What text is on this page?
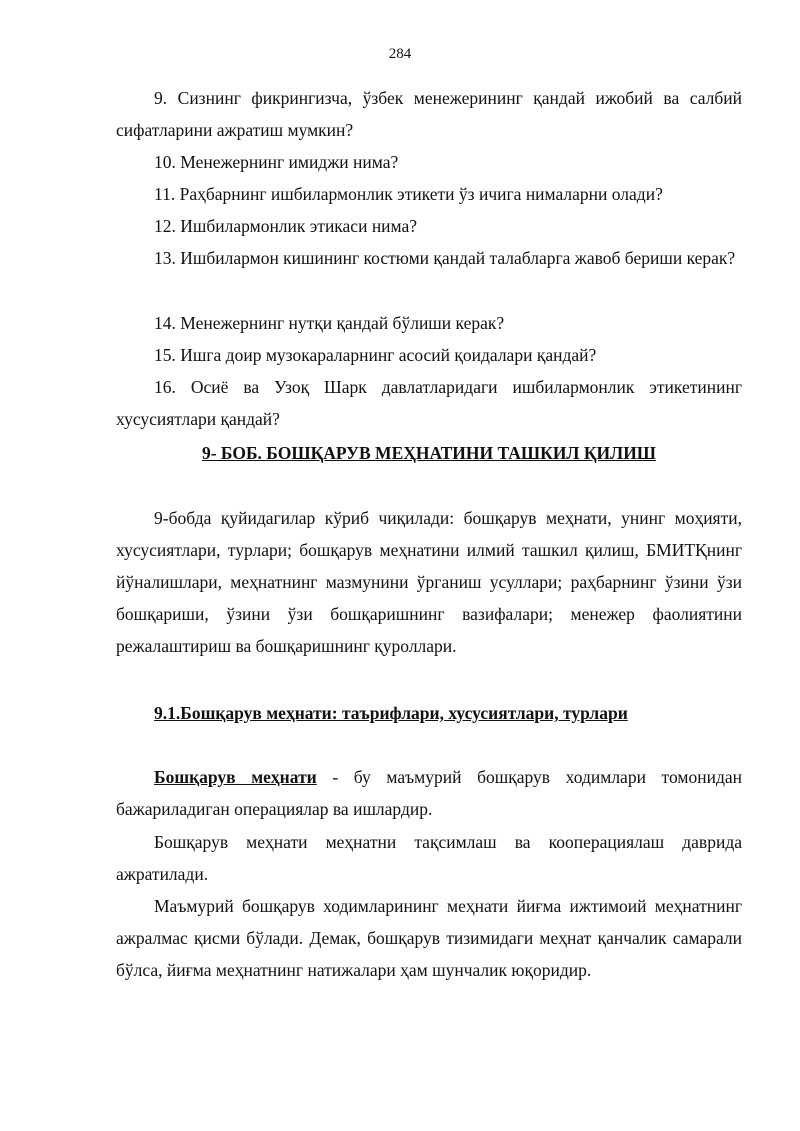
284
9. Сизнинг фикрингизча, ўзбек менежерининг қандай ижобий ва салбий сифатларини ажратиш мумкин?
10. Менежернинг имиджи нима?
11. Раҳбарнинг ишбилармонлик этикети ўз ичига нималарни олади?
12. Ишбилармонлик этикаси нима?
13. Ишбилармон кишининг костюми қандай талабларга жавоб бериши керак?
14. Менежернинг нутқи қандай бўлиши керак?
15. Ишга доир музокараларнинг асосий қоидалари қандай?
16. Осиё ва Узоқ Шарк давлатларидаги ишбилармонлик этикетининг хусусиятлари қандай?
9- БОБ. БОШҚАРУВ МЕҲНАТИНИ ТАШКИЛ ҚИЛИШ
9-бобда қуйидагилар кўриб чиқилади: бошқарув меҳнати, унинг моҳияти, хусусиятлари, турлари; бошқарув меҳнатини илмий ташкил қилиш, БМИТҚнинг йўналишлари, меҳнатнинг мазмунини ўрганиш усуллари; раҳбарнинг ўзини ўзи бошқариши, ўзини ўзи бошқаришнинг вазифалари; менежер фаолиятини режалаштириш ва бошқаришнинг қуроллари.
9.1.Бошқарув меҳнати: таърифлари, хусусиятлари, турлари
Бошқарув меҳнати - бу маъмурий бошқарув ходимлари томонидан бажариладиган операциялар ва ишлардир.
Бошқарув меҳнати меҳнатни тақсимлаш ва кооперациялаш даврида ажратилади.
Маъмурий бошқарув ходимларининг меҳнати йиғма ижтимоий меҳнатнинг ажралмас қисми бўлади. Демак, бошқарув тизимидаги меҳнат қанчалик самарали бўлса, йиғма меҳнатнинг натижалари ҳам шунчалик юқоридир.
